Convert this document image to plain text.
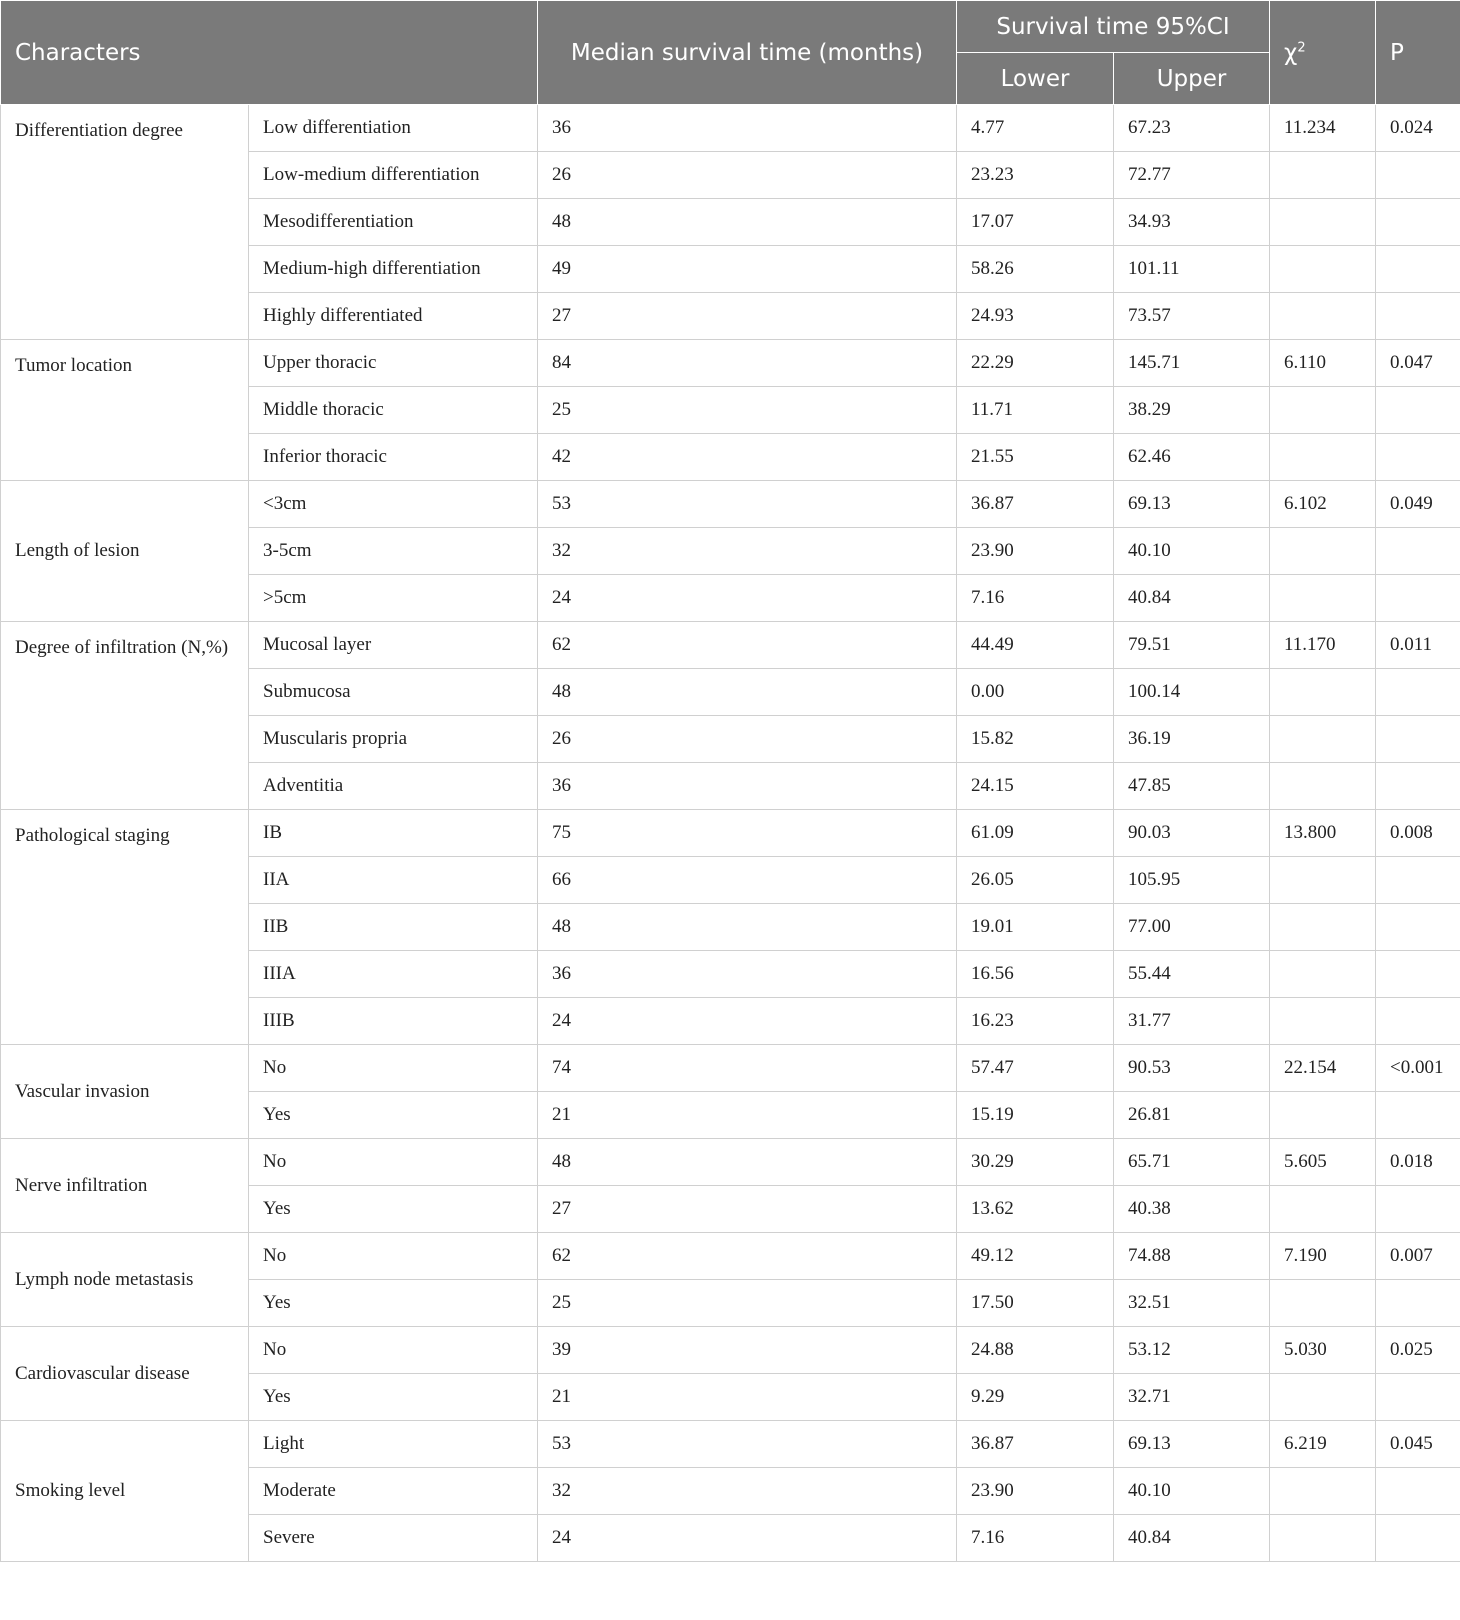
Characters		Median survival time (months)	Survival time 95%CI		$\chi^2$	P
			Lower	Upper		
Differentiation degree	Low differentiation	36	4.77	67.23	11.234	0.024
	Low-medium differentiation	26	23.23	72.77		
	Mesodifferentiation	48	17.07	34.93		
	Medium-high differentiation	49	58.26	101.11		
	Highly differentiated	27	24.93	73.57		
Tumor location	Upper thoracic	84	22.29	145.71	6.110	0.047
	Middle thoracic	25	11.71	38.29		
	Inferior thoracic	42	21.55	62.46		
Length of lesion	<3cm	53	36.87	69.13	6.102	0.049
	3-5cm	32	23.90	40.10		
	>5cm	24	7.16	40.84		
Degree of infiltration (N,%)	Mucosal layer	62	44.49	79.51	11.170	0.011
	Submucosa	48	0.00	100.14		
	Muscularis propria	26	15.82	36.19		
	Adventitia	36	24.15	47.85		
Pathological staging	IB	75	61.09	90.03	13.800	0.008
	IIA	66	26.05	105.95		
	IIB	48	19.01	77.00		
	IIIA	36	16.56	55.44		
	IIIB	24	16.23	31.77		
Vascular invasion	No	74	57.47	90.53	22.154	<0.001
	Yes	21	15.19	26.81		
Nerve infiltration	No	48	30.29	65.71	5.605	0.018
	Yes	27	13.62	40.38		
Lymph node metastasis	No	62	49.12	74.88	7.190	0.007
	Yes	25	17.50	32.51		
Cardiovascular disease	No	39	24.88	53.12	5.030	0.025
	Yes	21	9.29	32.71		
Smoking level	Light	53	36.87	69.13	6.219	0.045
	Moderate	32	23.90	40.10		
	Severe	24	7.16	40.84		
